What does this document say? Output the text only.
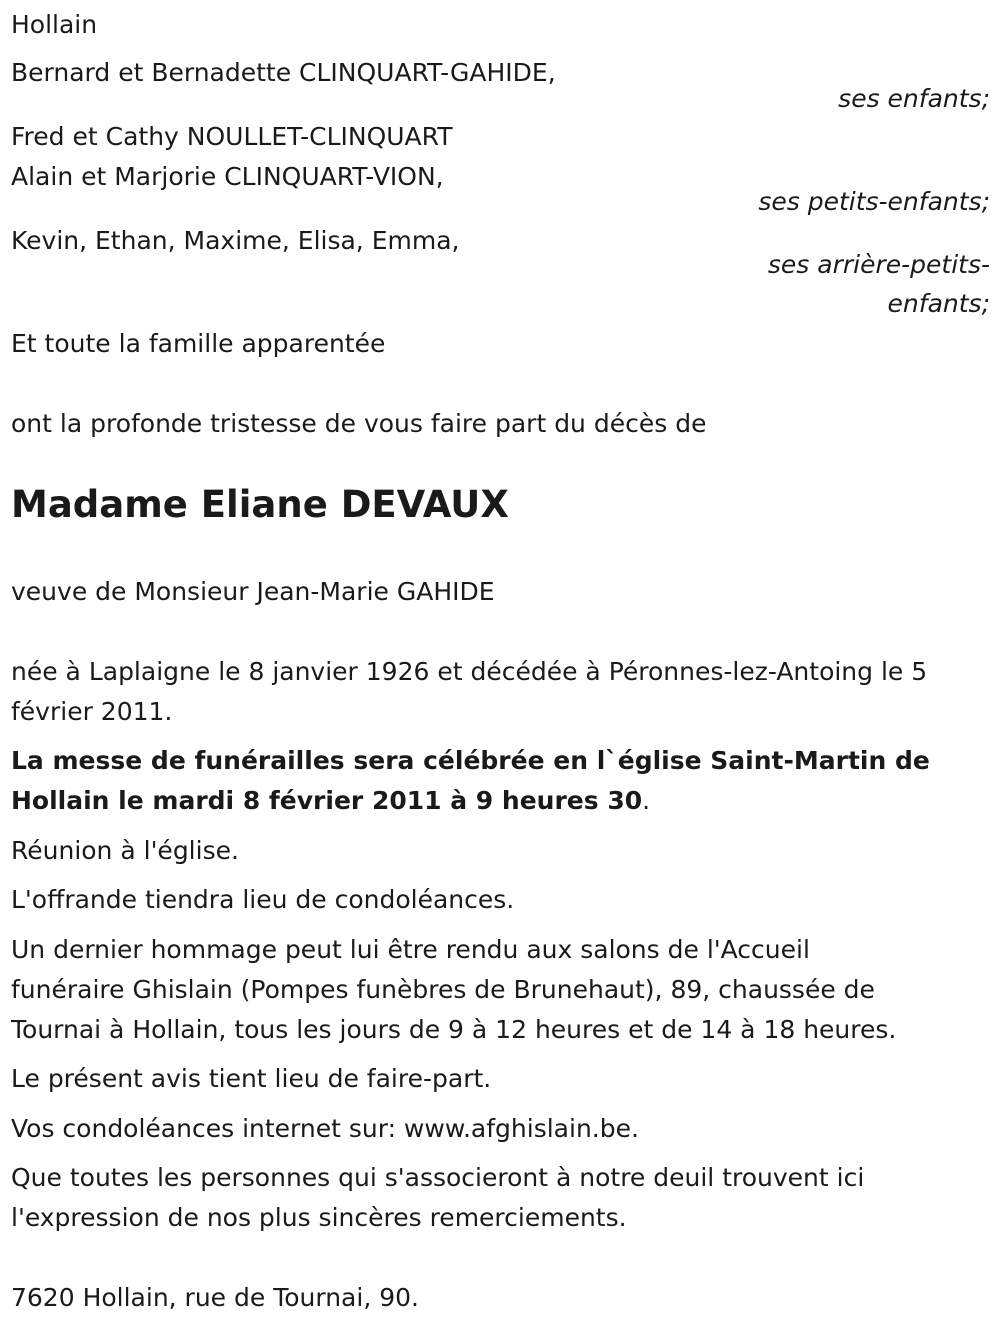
Hollain

Bernard et Bernadette CLINQUART-GAHIDE,

ses enfants;

Fred et Cathy NOULLET-CLINQUART

Alain et Marjorie CLINQUART-VION,

ses petits-enfants;

Kevin, Ethan, Maxime, Elisa, Emma,

ses arrière-petits-
enfants;

Et toute la famille apparentée

ont la profonde tristesse de vous faire part du décès de

Madame Eliane DEVAUX

veuve de Monsieur Jean-Marie GAHIDE

née à Laplaigne le 8 janvier 1926 et décédée à Péronnes-lez-Antoing le 5

février 2011.

La messe de funérailles sera célébrée en l`église Saint-Martin de

Hollain le mardi 8 février 2011 à 9 heures 30.

Réunion à l'église.

L'offrande tiendra lieu de condoléances.

Un dernier hommage peut lui être rendu aux salons de l'Accueil

funéraire Ghislain (Pompes funèbres de Brunehaut), 89, chaussée de

Tournai à Hollain, tous les jours de 9 à 12 heures et de 14 à 18 heures.

Le présent avis tient lieu de faire-part.

Vos condoléances internet sur: www.afghislain.be.

Que toutes les personnes qui s'associeront à notre deuil trouvent ici

l'expression de nos plus sincères remerciements.

7620 Hollain, rue de Tournai, 90.
